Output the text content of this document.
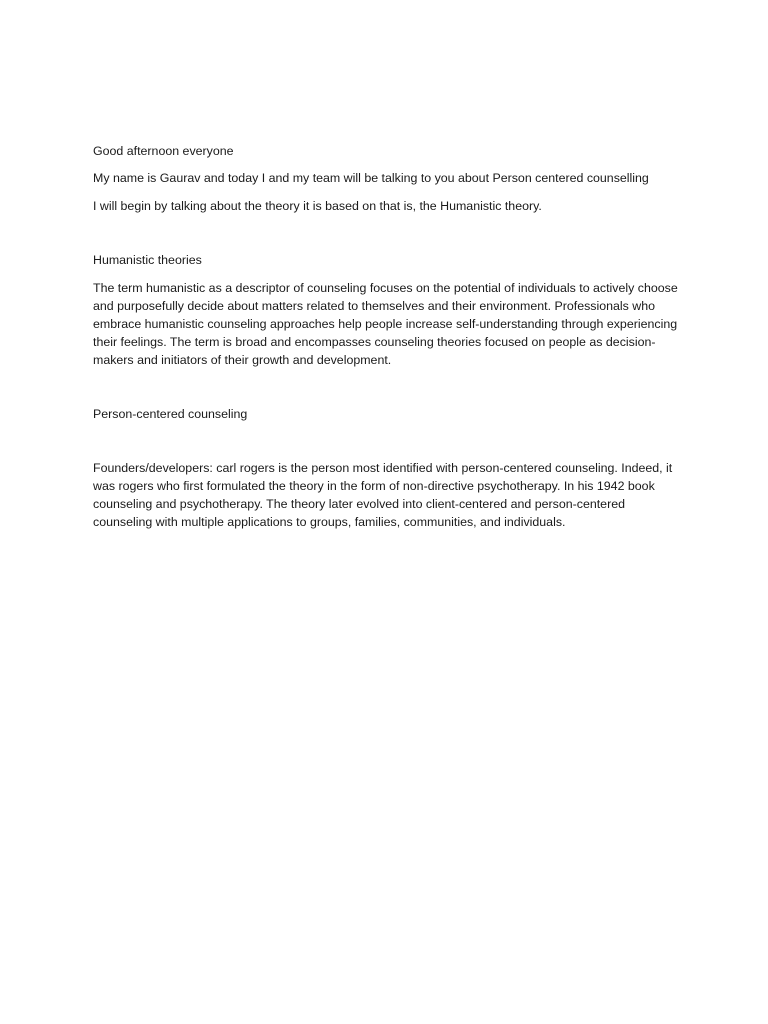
Good afternoon everyone

My name is Gaurav and today I and my team will be talking to you about Person centered counselling

I will begin by talking about the theory it is based on that is, the Humanistic theory.

Humanistic theories

The term humanistic as a descriptor of counseling focuses on the potential of individuals to actively choose and purposefully decide about matters related to themselves and their environment. Professionals who embrace humanistic counseling approaches help people increase self-understanding through experiencing their feelings. The term is broad and encompasses counseling theories focused on people as decision-makers and initiators of their growth and development.

Person-centered counseling

Founders/developers: carl rogers is the person most identified with person-centered counseling. Indeed, it was rogers who first formulated the theory in the form of non-directive psychotherapy. In his 1942 book counseling and psychotherapy. The theory later evolved into client-centered and person-centered counseling with multiple applications to groups, families, communities, and individuals.
